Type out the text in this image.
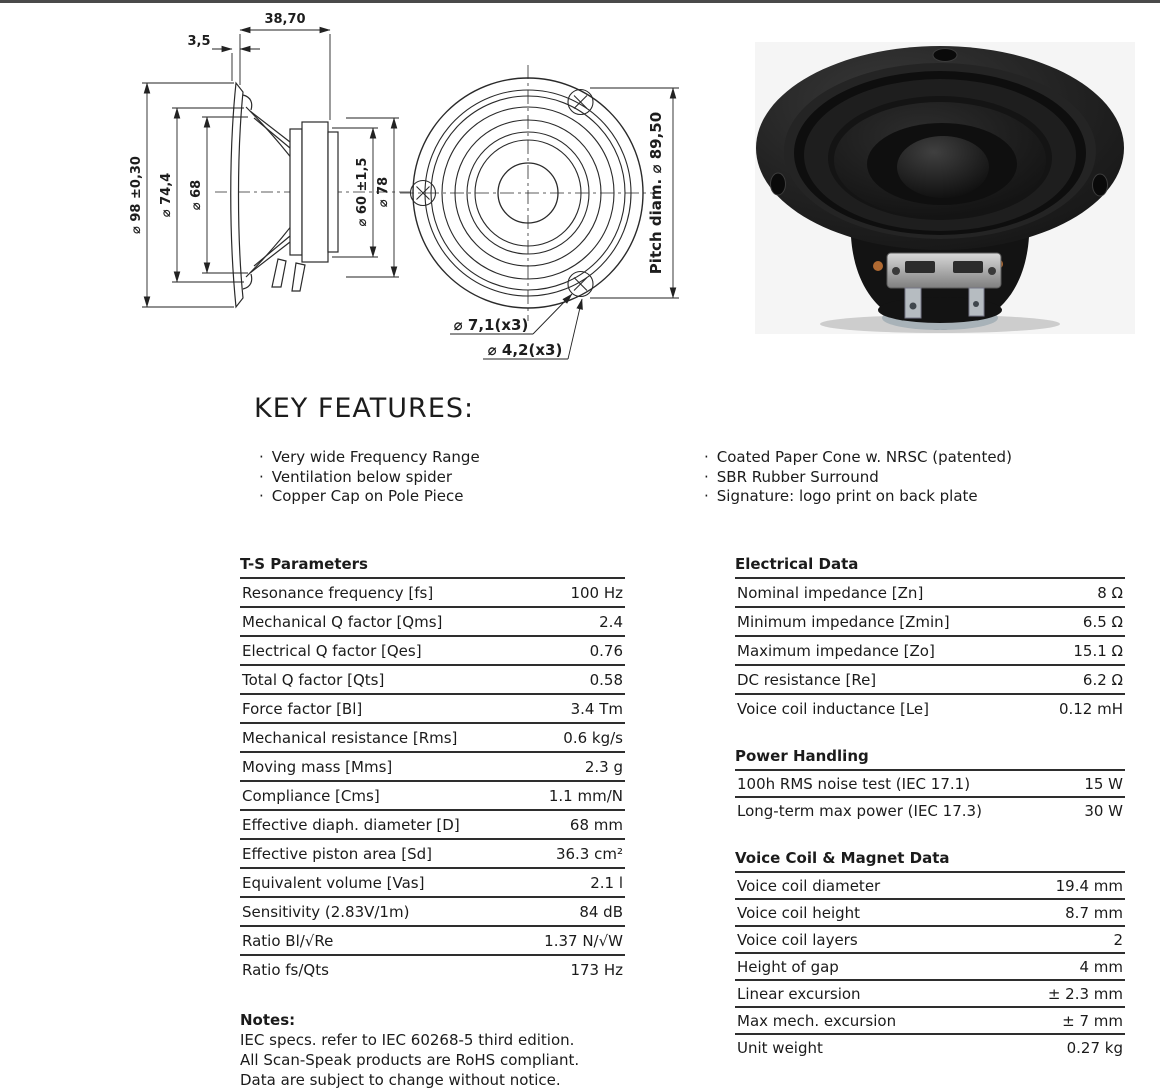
38,70
3,5
⌀ 98 ±0,30 ⌀ 74,4 ⌀ 68	⌀ 60 ±1,5 ⌀ 78	Pitch diam. ⌀ 89,50
⌀ 7,1(x3)
⌀ 4,2(x3)
KEY FEATURES:
· Very wide Frequency Range
· Ventilation below spider
· Copper Cap on Pole Piece
· Coated Paper Cone w. NRSC (patented)
· SBR Rubber Surround
· Signature: logo print on back plate
T-S Parameters
Resonance frequency [fs]	100 Hz
Mechanical Q factor [Qms]	2.4
Electrical Q factor [Qes]	0.76
Total Q factor [Qts]	0.58
Force factor [Bl]	3.4 Tm
Mechanical resistance [Rms]	0.6 kg/s
Moving mass [Mms]	2.3 g
Compliance [Cms]	1.1 mm/N
Effective diaph. diameter [D]	68 mm
Effective piston area [Sd]	36.3 cm²
Equivalent volume [Vas]	2.1 l
Sensitivity (2.83V/1m)	84 dB
Ratio Bl/√Re	1.37 N/√W
Ratio fs/Qts	173 Hz
Electrical Data
Nominal impedance [Zn]	8 Ω
Minimum impedance [Zmin]	6.5 Ω
Maximum impedance [Zo]	15.1 Ω
DC resistance [Re]	6.2 Ω
Voice coil inductance [Le]	0.12 mH
Power Handling
100h RMS noise test (IEC 17.1)	15 W
Long-term max power (IEC 17.3)	30 W
Voice Coil & Magnet Data
Voice coil diameter	19.4 mm
Voice coil height	8.7 mm
Voice coil layers	2
Height of gap	4 mm
Linear excursion	± 2.3 mm
Max mech. excursion	± 7 mm
Unit weight	0.27 kg
Notes:
IEC specs. refer to IEC 60268-5 third edition.
All Scan-Speak products are RoHS compliant.
Data are subject to change without notice.
